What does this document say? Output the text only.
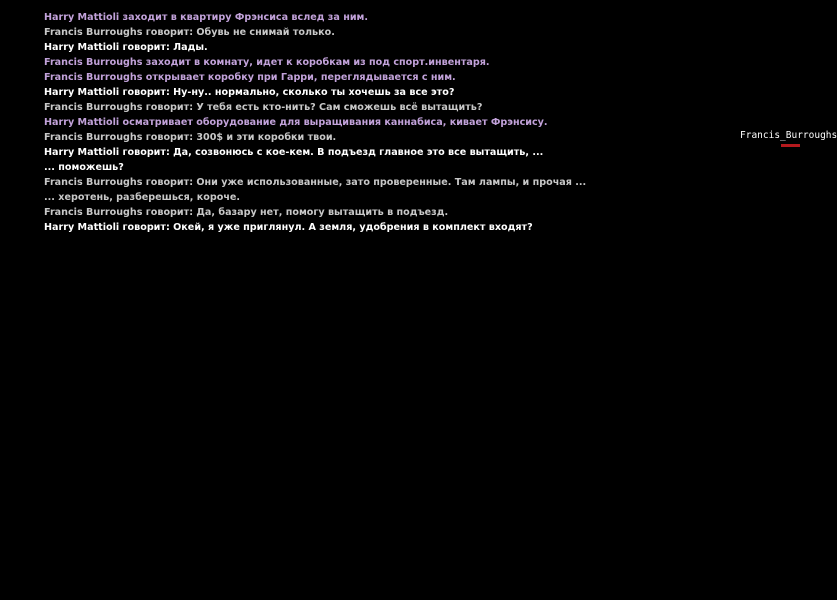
Harry Mattioli заходит в квартиру Фрэнсиса вслед за ним.
Francis Burroughs говорит: Обувь не снимай только.
Harry Mattioli говорит: Лады.
Francis Burroughs заходит в комнату, идет к коробкам из под спорт.инвентаря.
Francis Burroughs открывает коробку при Гарри, переглядывается с ним.
Harry Mattioli говорит: Ну-ну.. нормально, сколько ты хочешь за все это?
Francis Burroughs говорит: У тебя есть кто-нить? Сам сможешь всё вытащить?
Harry Mattioli осматривает оборудование для выращивания каннабиса, кивает Фрэнсису.
Francis Burroughs говорит: 300$ и эти коробки твои.
Harry Mattioli говорит: Да, созвонюсь с кое-кем. В подъезд главное это все вытащить, ...
... поможешь?
Francis Burroughs говорит: Они уже использованные, зато проверенные. Там лампы, и прочая ...
... херотень, разберешься, короче.
Francis Burroughs говорит: Да, базару нет, помогу вытащить в подъезд.
Harry Mattioli говорит: Окей, я уже приглянул. А земля, удобрения в комплект входят?
Francis_Burroughs
